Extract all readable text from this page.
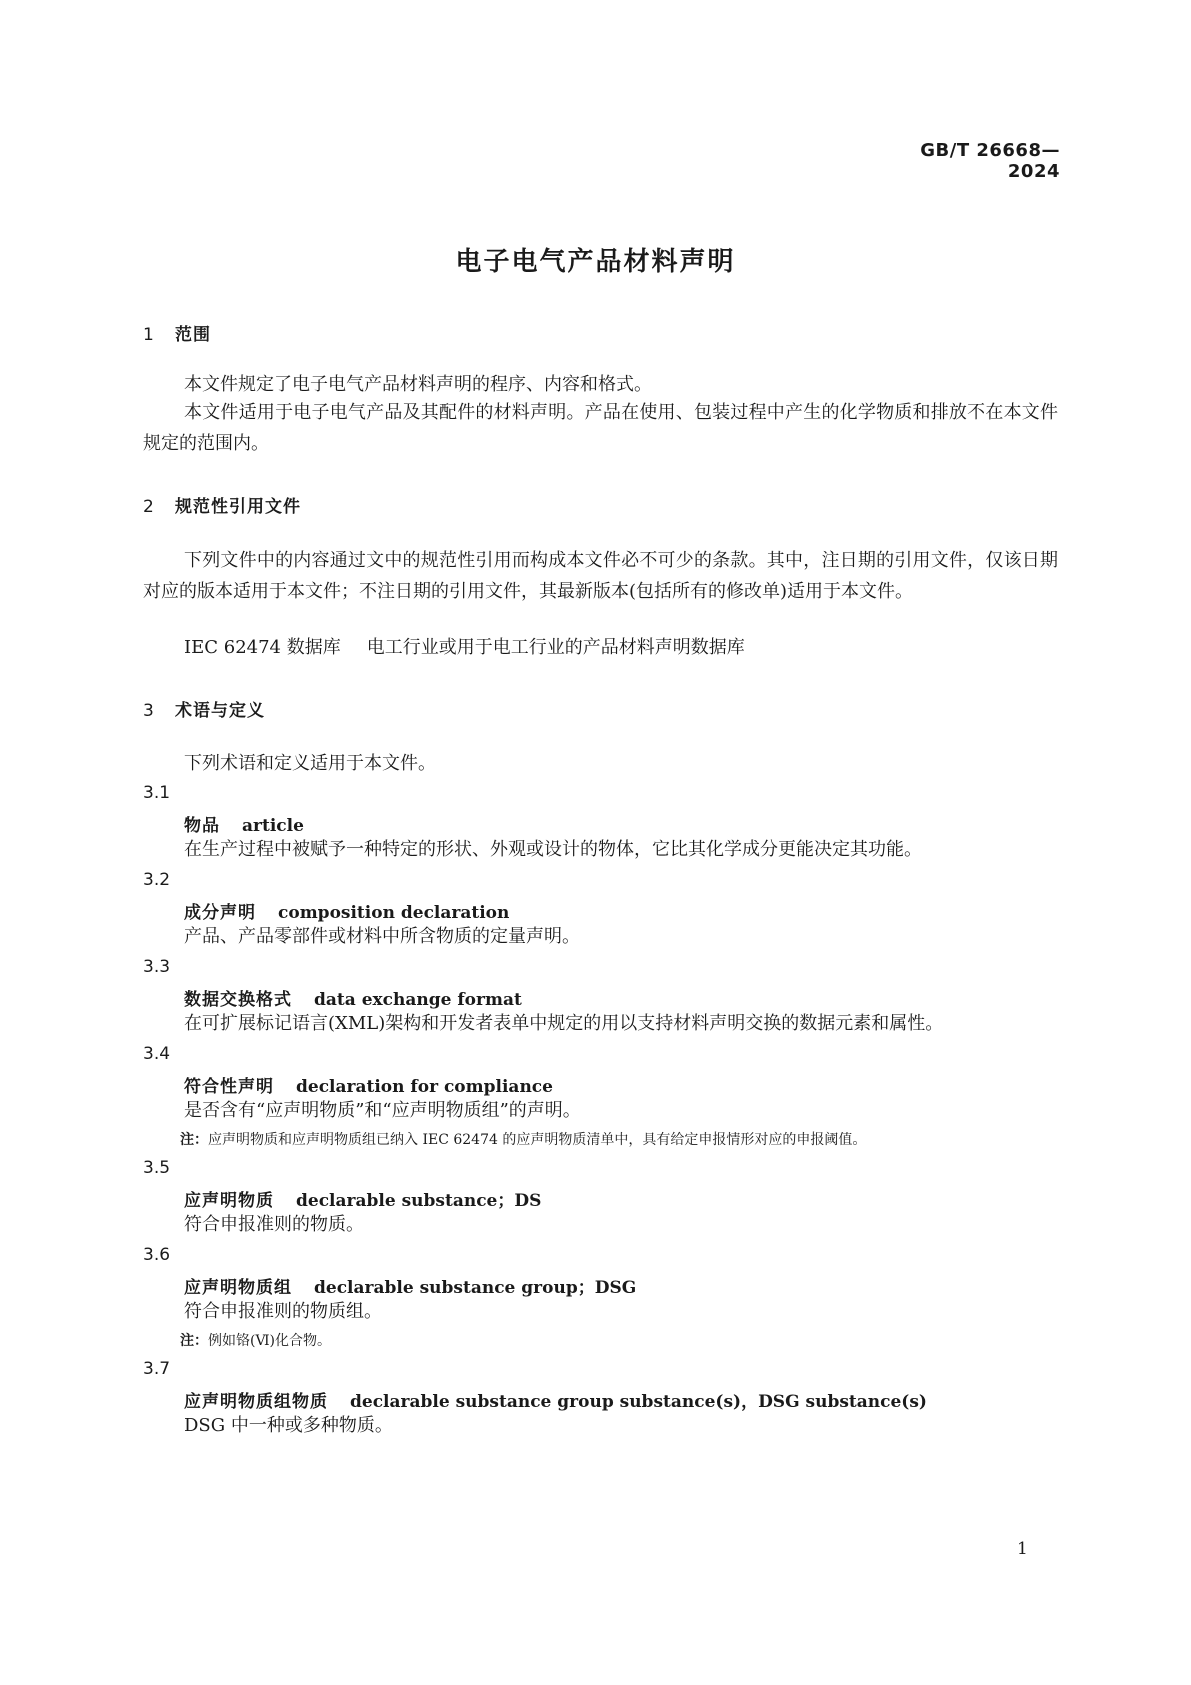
GB/T 26668—2024
电子电气产品材料声明
1 范围
本文件规定了电子电气产品材料声明的程序、内容和格式。

本文件适用于电子电气产品及其配件的材料声明。产品在使用、包装过程中产生的化学物质和排放不在本文件规定的范围内。

2 规范性引用文件

下列文件中的内容通过文中的规范性引用而构成本文件必不可少的条款。其中，注日期的引用文件，仅该日期对应的版本适用于本文件；不注日期的引用文件，其最新版本(包括所有的修改单)适用于本文件。

IEC 62474 数据库 电工行业或用于电工行业的产品材料声明数据库
3 术语与定义
下列术语和定义适用于本文件。
3.1
物品 article
在生产过程中被赋予一种特定的形状、外观或设计的物体，它比其化学成分更能决定其功能。
3.2
成分声明 composition declaration
产品、产品零部件或材料中所含物质的定量声明。
3.3
数据交换格式 data exchange format
在可扩展标记语言(XML)架构和开发者表单中规定的用以支持材料声明交换的数据元素和属性。
3.4
符合性声明 declaration for compliance
是否含有“应声明物质”和“应声明物质组”的声明。
注：应声明物质和应声明物质组已纳入 IEC 62474 的应声明物质清单中，具有给定申报情形对应的申报阈值。
3.5
应声明物质 declarable substance；DS
符合申报准则的物质。
3.6
应声明物质组 declarable substance group；DSG
符合申报准则的物质组。
注：例如铬(Ⅵ)化合物。
3.7
应声明物质组物质 declarable substance group substance(s)，DSG substance(s)
DSG 中一种或多种物质。
1
